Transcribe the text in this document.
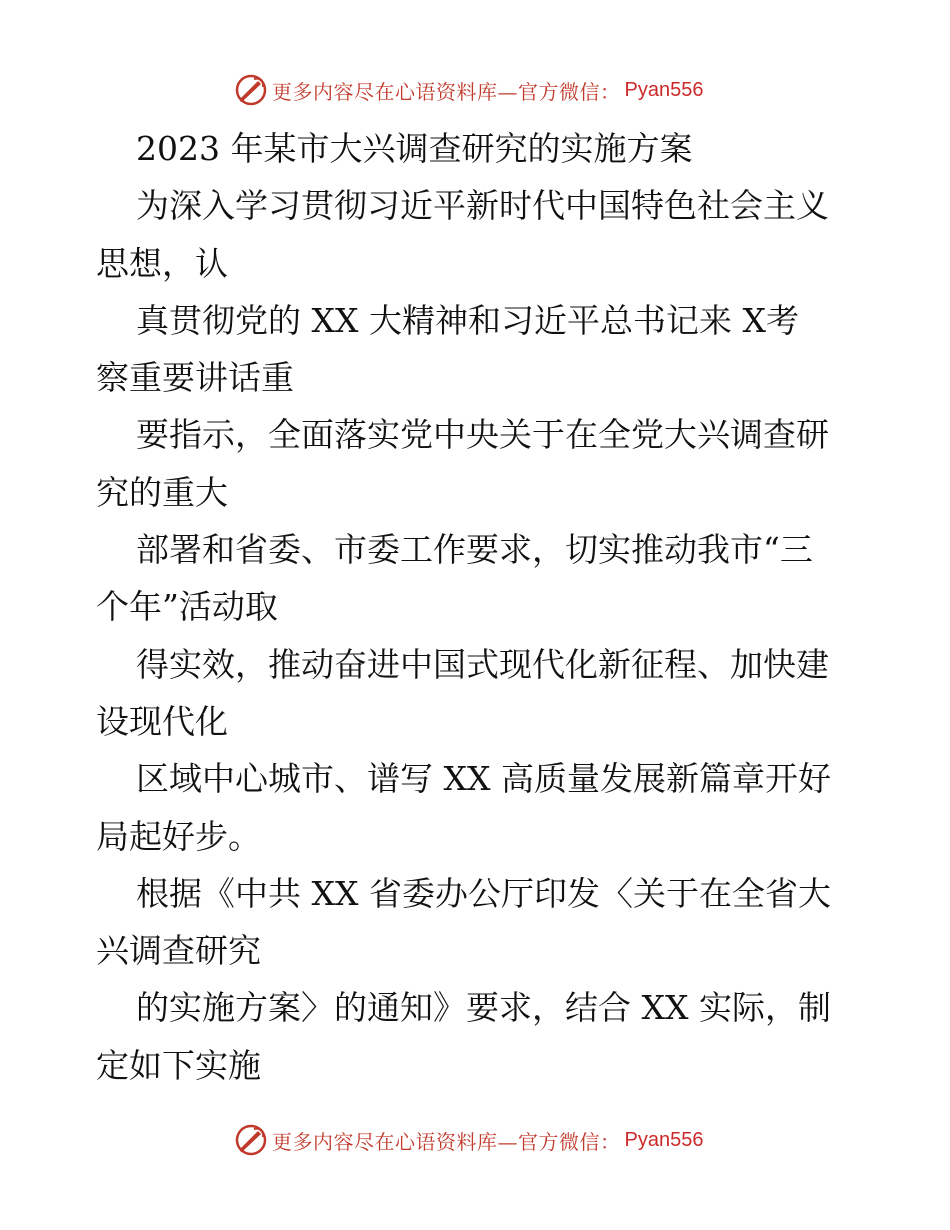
更多内容尽在心语资料库—官方微信： Pyan556
2023 年某市大兴调查研究的实施方案
为深入学习贯彻习近平新时代中国特色社会主义
思想，认
真贯彻党的 XX 大精神和习近平总书记来 X考
察重要讲话重
要指示，全面落实党中央关于在全党大兴调查研
究的重大
部署和省委、市委工作要求，切实推动我市“三
个年”活动取
得实效，推动奋进中国式现代化新征程、加快建
设现代化
区域中心城市、谱写 XX 高质量发展新篇章开好
局起好步。
根据《中共 XX 省委办公厅印发〈关于在全省大
兴调查研究
的实施方案〉的通知》要求，结合 XX 实际，制
定如下实施
更多内容尽在心语资料库—官方微信： Pyan556
